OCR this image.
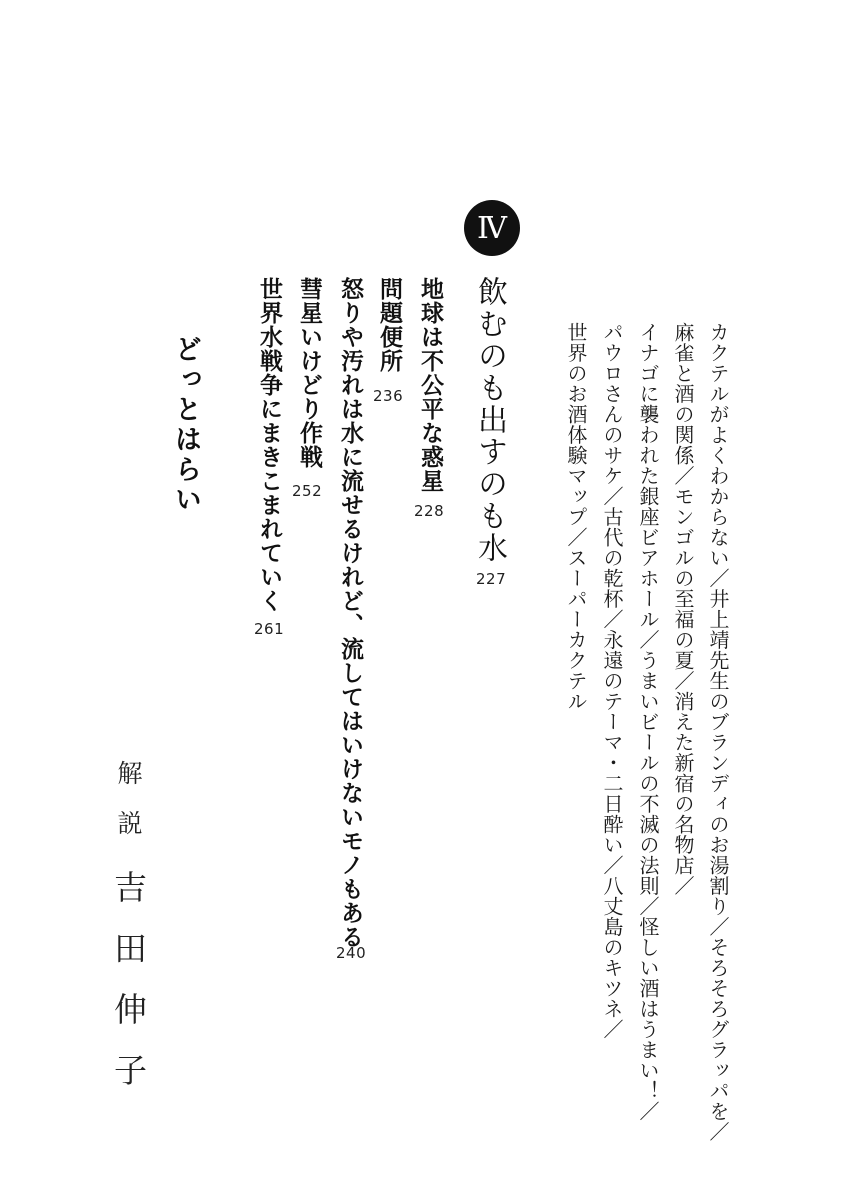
Ⅳ
カクテルがよくわからない／井上靖先生のブランディのお湯割り／そろそろグラッパを／
麻雀と酒の関係／モンゴルの至福の夏／消えた新宿の名物店／
イナゴに襲われた銀座ビアホール／うまいビールの不滅の法則／怪しい酒はうまい！／
パウロさんのサケ／古代の乾杯／永遠のテーマ・二日酔い／八丈島のキツネ／
世界のお酒体験マップ／スーパーカクテル
飲むのも出すのも水
227
地球は不公平な惑星
228
問題便所
236
怒りや汚れは水に流せるけれど、流してはいけないモノもある
240
彗星いけどり作戦
252
世界水戦争にまきこまれていく
261
どっとはらい
解説
吉田伸子
